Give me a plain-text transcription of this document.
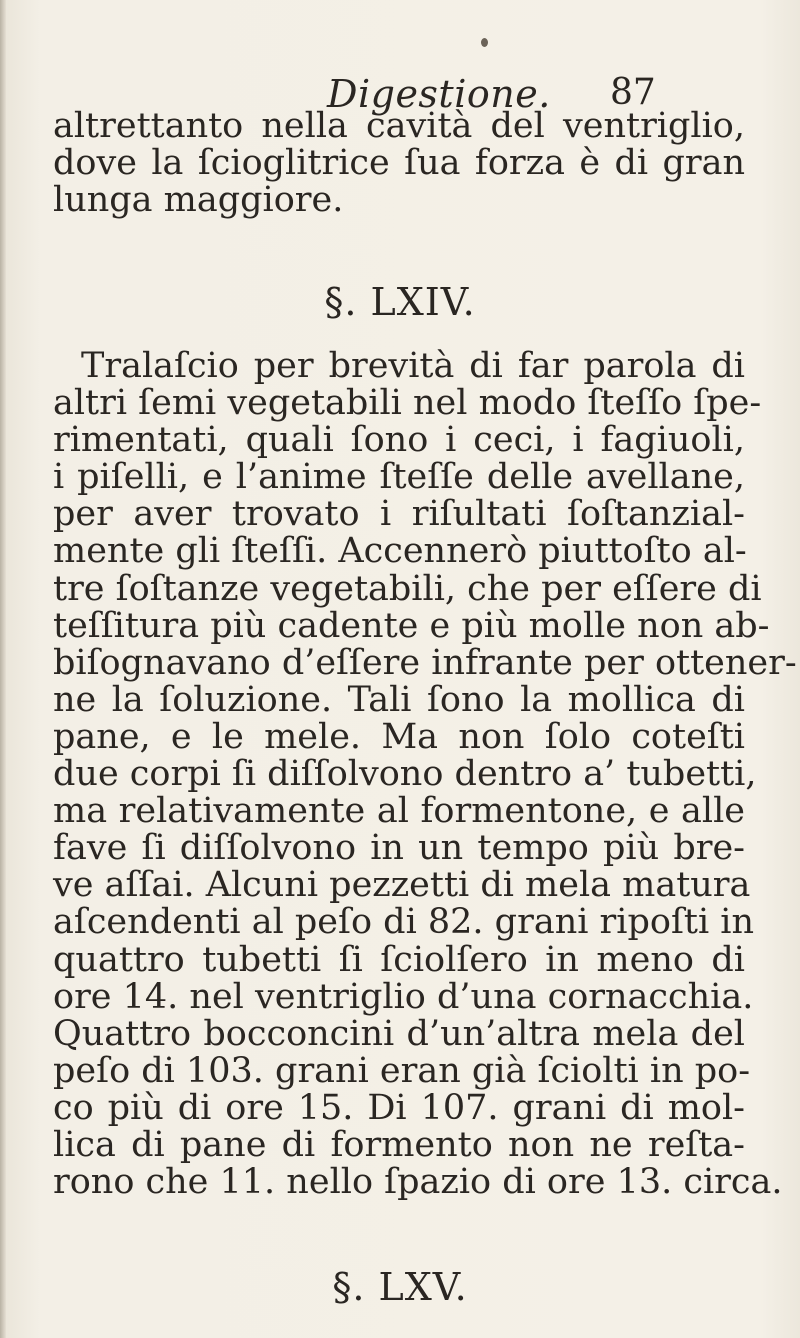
Digestione. 87
altrettanto nella cavità del ventriglio,
dove la ſcioglitrice ſua forza è di gran
lunga maggiore.
§. LXIV.
Tralaſcio per brevità di far parola di
altri ſemi vegetabili nel modo ſteſſo ſpe-
rimentati, quali ſono i ceci, i fagiuoli,
i piſelli, e l’anime ſteſſe delle avellane,
per aver trovato i riſultati ſoſtanzial-
mente gli ſteſſi. Accennerò piuttoſto al-
tre ſoſtanze vegetabili, che per eſſere di
teſſitura più cadente e più molle non ab-
biſognavano d’eſſere infrante per ottener-
ne la ſoluzione. Tali ſono la mollica di
pane, e le mele. Ma non ſolo coteſti
due corpi ſi diſſolvono dentro a’ tubetti,
ma relativamente al formentone, e alle
fave ſi diſſolvono in un tempo più bre-
ve aſſai. Alcuni pezzetti di mela matura
aſcendenti al peſo di 82. grani ripoſti in
quattro tubetti ſi ſciolſero in meno di
ore 14. nel ventriglio d’una cornacchia.
Quattro bocconcini d’un’altra mela del
peſo di 103. grani eran già ſciolti in po-
co più di ore 15. Di 107. grani di mol-
lica di pane di formento non ne reſta-
rono che 11. nello ſpazio di ore 13. circa.
§. LXV.
